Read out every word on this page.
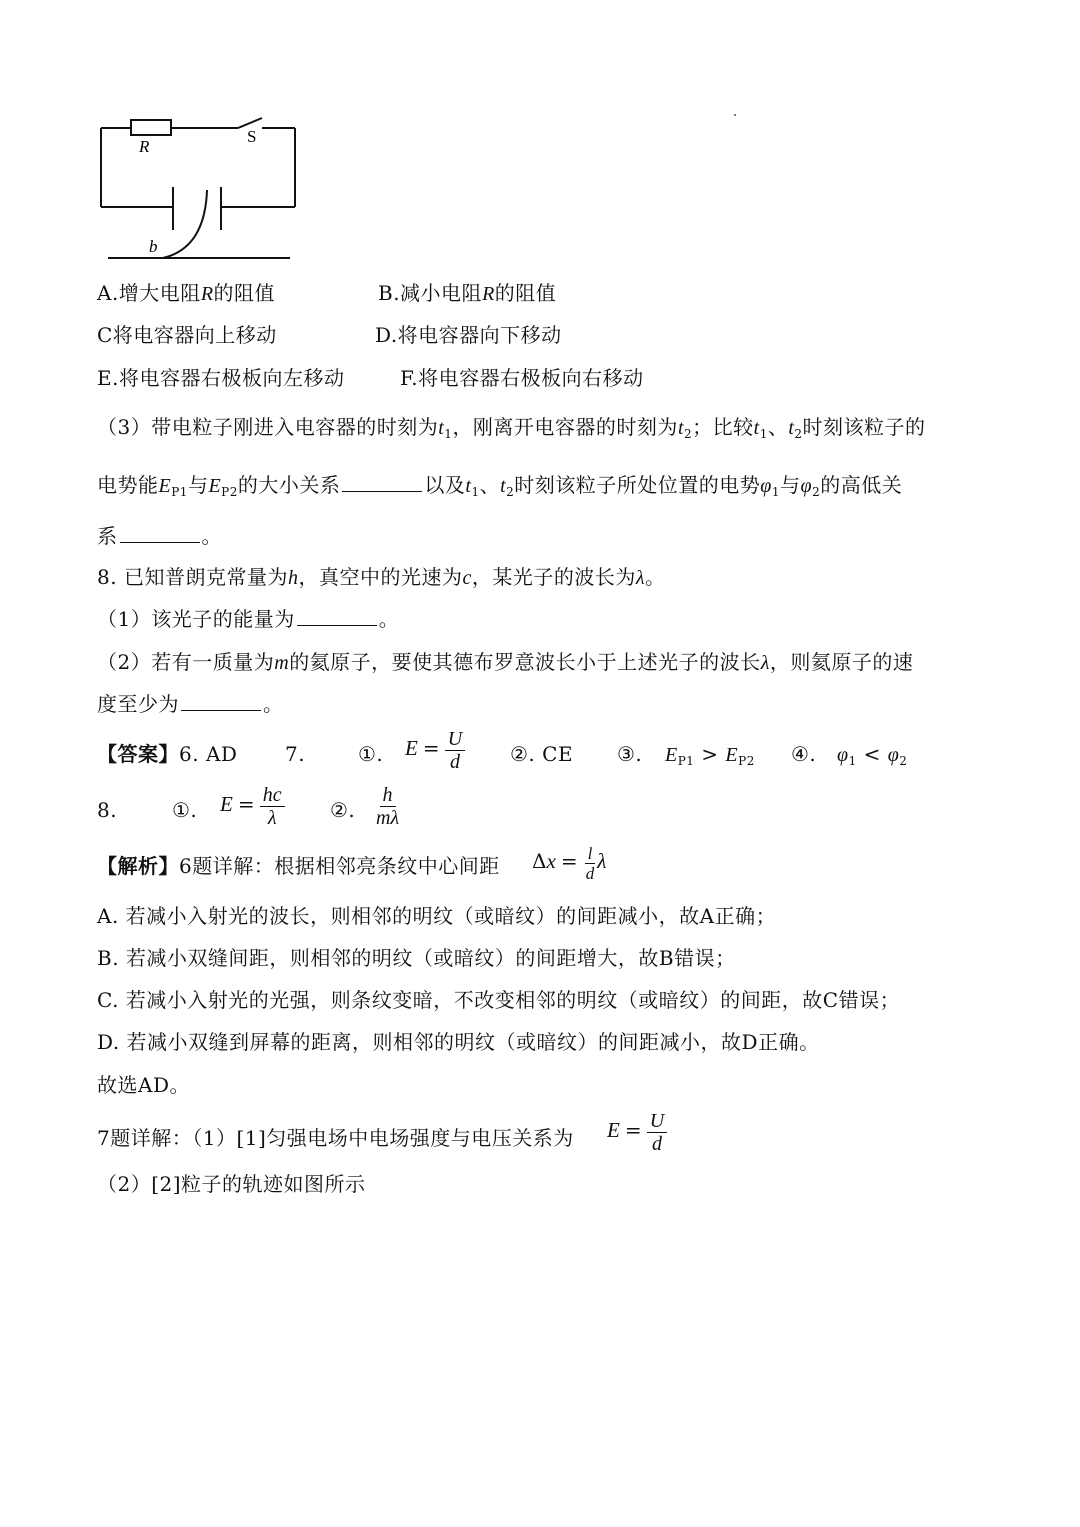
R
S
b
A.增大电阻R的阻值	B.减小电阻R的阻值
C将电容器向上移动	D.将电容器向下移动
E.将电容器右极板向左移动	F.将电容器右极板向右移动
（3）带电粒子刚进入电容器的时刻为$t_1$，刚离开电容器的时刻为$t_2$；比较$t_1$、$t_2$时刻该粒子的
电势能$E_{P1}$与$E_{P2}$的大小关系	以及$t_1$、$t_2$时刻该粒子所处位置的电势$\varphi_1$与$\varphi_2$的高低关
系	。
8. 已知普朗克常量为h，真空中的光速为c，某光子的波长为λ。
（1）该光子的能量为	。
（2）若有一质量为m的氦原子，要使其德布罗意波长小于上述光子的波长λ，则氦原子的速
度至少为	。
【答案】6. AD 7.	①. $E = \frac{U}{d}$ ②. CE ③. $E_{P1} > E_{P2}$ ④. $\varphi_1 < \varphi_2$
8.	①. $E = \frac{hc}{\lambda}$ ②. $\frac{h}{m\lambda}$
【解析】6题详解：根据相邻亮条纹中心间距 $\Delta x = \frac{l}{d}$ λ
A. 若减小入射光的波长，则相邻的明纹（或暗纹）的间距减小，故A正确；
B. 若减小双缝间距，则相邻的明纹（或暗纹）的间距增大，故B错误；
C. 若减小入射光的光强，则条纹变暗，不改变相邻的明纹（或暗纹）的间距，故C错误；
D. 若减小双缝到屏幕的距离，则相邻的明纹（或暗纹）的间距减小，故D正确。
故选AD。
7题详解：（1）[1]匀强电场中电场强度与电压关系为 $E = \frac{U}{d}$
（2）[2]粒子的轨迹如图所示
